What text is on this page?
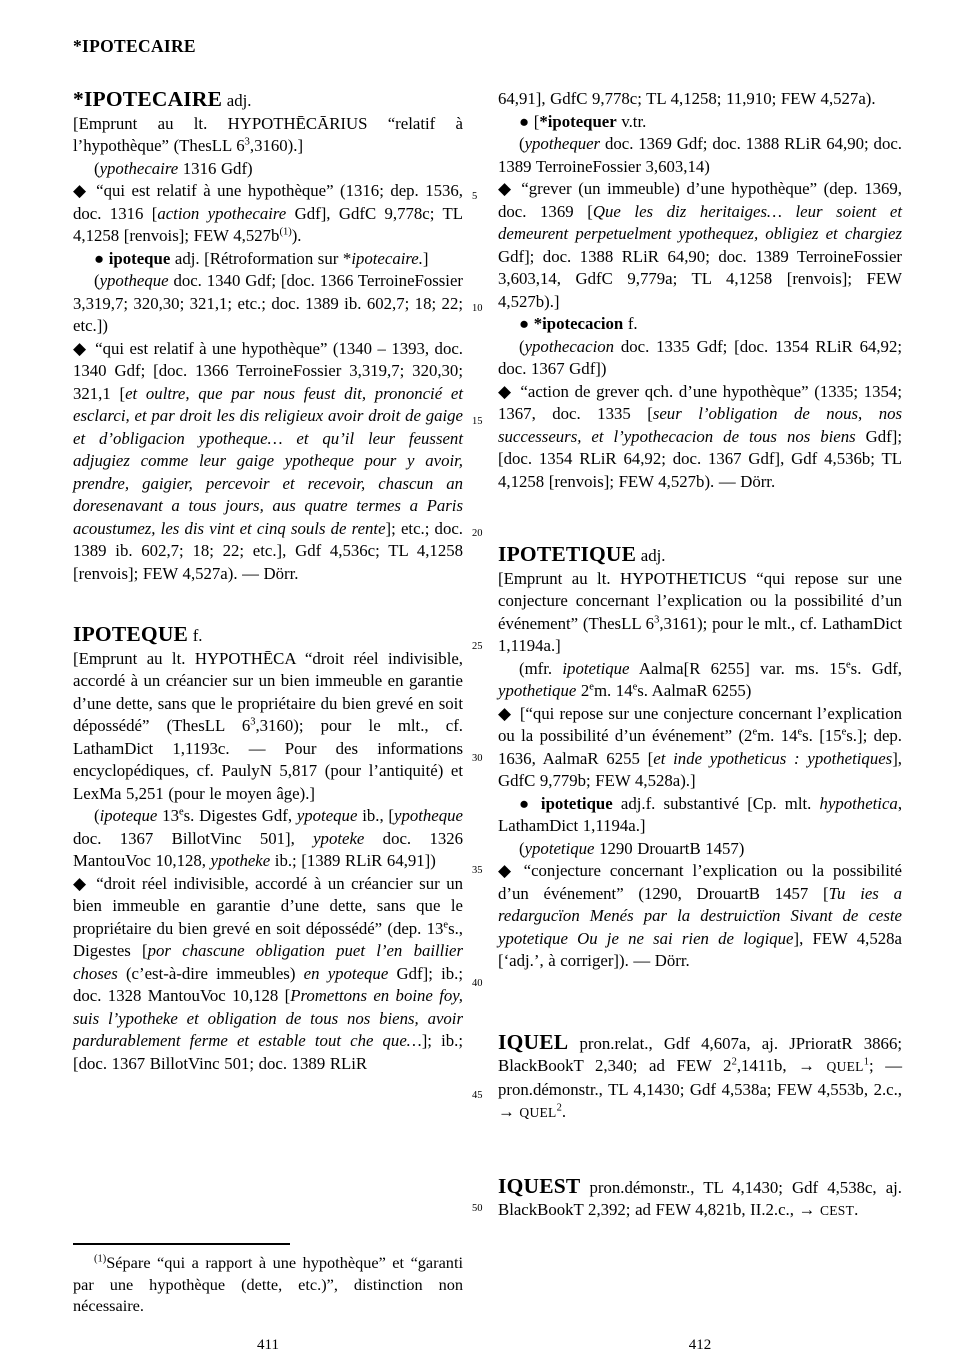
*IPOTECAIRE

*IPOTECAIRE adj.

[Emprunt au lt. HYPOTHĒCĀRIUS “relatif à l’hypothèque” (ThesLL $6^3,3160$).]

(ypothecaire 1316 Gdf)

◆ “qui est relatif à une hypothèque” (1316; dep. 1536, doc. 1316 [action ypothecaire Gdf], GdfC 9,778c; TL 4,1258 [renvois]; FEW $4,527b^{(1)}$).

● ipoteque adj. [Rétroformation sur *ipotecaire.]

(ypotheque doc. 1340 Gdf; [doc. 1366 TerroineFossier 3,319,7; 320,30; 321,1; etc.; doc. 1389 ib. 602,7; 18; 22; etc.])

◆ “qui est relatif à une hypothèque” (1340 – 1393, doc. 1340 Gdf; [doc. 1366 TerroineFossier 3,319,7; 320,30; 321,1 [et oultre, que par nous feust dit, prononcié et esclarci, et par droit les dis religieux avoir droit de gaige et d’obligacion ypotheque… et qu’il leur feussent adjugiez comme leur gaige ypotheque pour y avoir, prendre, gaigier, percevoir et recevoir, chascun an doresenavant a tous jours, aus quatre termes a Paris acoustumez, les dis vint et cinq souls de rente]; etc.; doc. 1389 ib. 602,7; 18; 22; etc.], Gdf 4,536c; TL 4,1258 [renvois]; FEW 4,527a). — Dörr.

IPOTEQUE f.

[Emprunt au lt. HYPOTHĒCA “droit réel indivisible, accordé à un créancier sur un bien immeuble en garantie d’une dette, sans que le propriétaire du bien grevé en soit dépossédé” (ThesLL $6^3,3160$); pour le mlt., cf. LathamDict 1,1193c. — Pour des informations encyclopédiques, cf. PaulyN 5,817 (pour l’antiquité) et LexMa 5,251 (pour le moyen âge).]

(ipoteque 13es. Digestes Gdf, ypoteque ib., [ypotheque doc. 1367 BillotVinc 501], ypoteke doc. 1326 MantouVoc 10,128, ypotheke ib.; [1389 RLiR 64,91])

◆ “droit réel indivisible, accordé à un créancier sur un bien immeuble en garantie d’une dette, sans que le propriétaire du bien grevé en soit dépossédé” (dep. 13es., Digestes [por chascune obligation puet l’en baillier choses (c’est-à-dire immeubles) en ypoteque Gdf]; ib.; doc. 1328 MantouVoc 10,128 [Promettons en boine foy, suis l’ypotheke et obligation de tous nos biens, avoir pardurablement ferme et estable tout che que…]; ib.; [doc. 1367 BillotVinc 501; doc. 1389 RLiR

64,91], GdfC 9,778c; TL 4,1258; 11,910; FEW 4,527a).

● [*ipotequer v.tr.

(ypothequer doc. 1369 Gdf; doc. 1388 RLiR 64,90; doc. 1389 TerroineFossier 3,603,14)

◆ “grever (un immeuble) d’une hypothèque” (dep. 1369, doc. 1369 [Que les diz heritaiges… leur soient et demeurent perpetuelment ypothequez, obligiez et chargiez Gdf]; doc. 1388 RLiR 64,90; doc. 1389 TerroineFossier 3,603,14, GdfC 9,779a; TL 4,1258 [renvois]; FEW 4,527b).]

● *ipotecacion f.

(ypothecacion doc. 1335 Gdf; [doc. 1354 RLiR 64,92; doc. 1367 Gdf])

◆ “action de grever qch. d’une hypothèque” (1335; 1354; 1367, doc. 1335 [seur l’obligation de nous, nos successeurs, et l’ypothecacion de tous nos biens Gdf]; [doc. 1354 RLiR 64,92; doc. 1367 Gdf], Gdf 4,536b; TL 4,1258 [renvois]; FEW 4,527b). — Dörr.

IPOTETIQUE adj.

[Emprunt au lt. HYPOTHETICUS “qui repose sur une conjecture concernant l’explication ou la possibilité d’un événement” (ThesLL $6^3,3161$); pour le mlt., cf. LathamDict 1,1194a.]

(mfr. ipotetique Aalma[R 6255] var. ms. 15es. Gdf, ypothetique 2em. 14es. AalmaR 6255)

◆ [“qui repose sur une conjecture concernant l’explication ou la possibilité d’un événement” (2em. 14es. [15es.]; dep. 1636, AalmaR 6255 [et inde ypotheticus : ypothetiques], GdfC 9,779b; FEW 4,528a).]

● ipotetique adj.f. substantivé [Cp. mlt. hypothetica, LathamDict 1,1194a.]

(ypotetique 1290 DrouartB 1457)

◆ “conjecture concernant l’explication ou la possibilité d’un événement” (1290, DrouartB 1457 [Tu ies a redargucïon Menés par la destruictïon Sivant de ceste ypotetique Ou je ne sai rien de logique], FEW 4,528a [‘adj.’, à corriger]). — Dörr.

IQUEL pron.relat., Gdf 4,607a, aj. JPrioratR 3866; BlackBookT 2,340; ad FEW $2^2,1411b$, → $QUEL^1$; — pron.démonstr., TL 4,1430; Gdf 4,538a; FEW 4,553b, 2.c., → $QUEL^2$.

IQUEST pron.démonstr., TL 4,1430; Gdf 4,538c, aj. BlackBookT 2,392; ad FEW 4,821b, II.2.c., → CEST.

5
10
15
20
25
30
35
40
45
50

$^{(1)}$Sépare “qui a rapport à une hypothèque” et “garanti par une hypothèque (dette, etc.)”, distinction non nécessaire.

411	412
